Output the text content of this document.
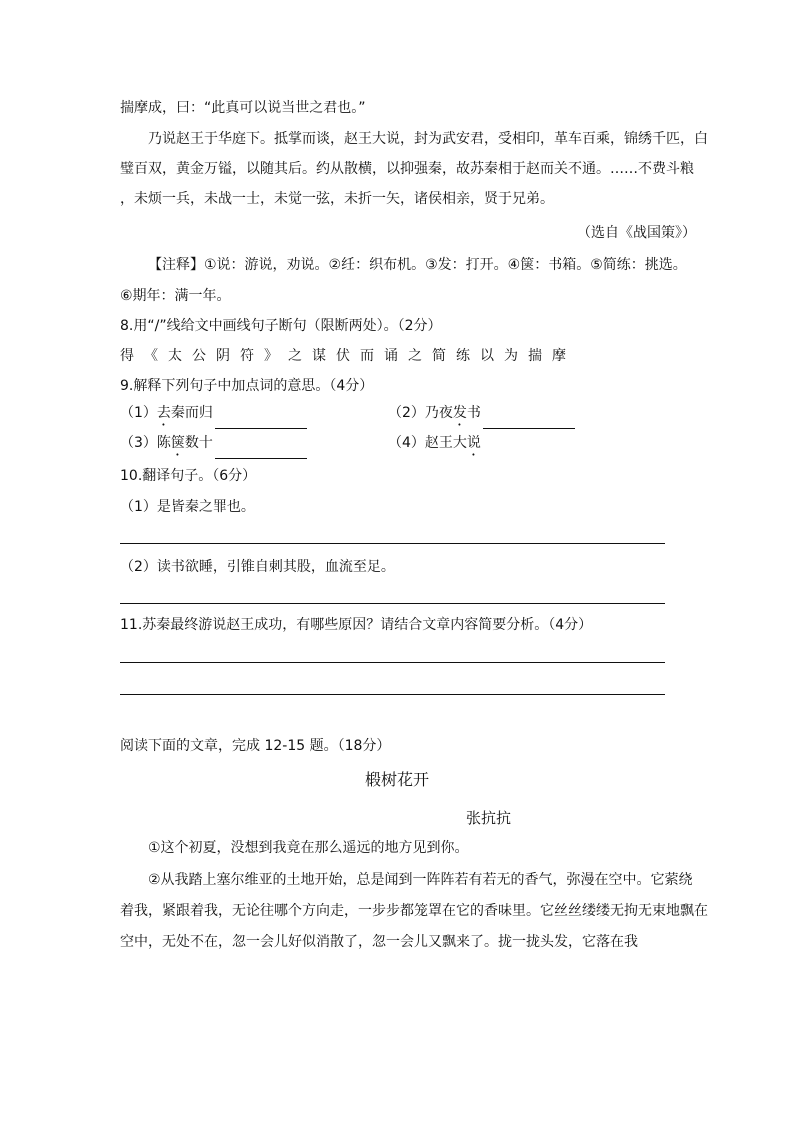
揣摩成，曰：“此真可以说当世之君也。”
乃说赵王于华庭下。抵掌而谈，赵王大说，封为武安君，受相印，革车百乘，锦绣千匹，白
璧百双，黄金万镒，以随其后。约从散横，以抑强秦，故苏秦相于赵而关不通。……不费斗粮
，未烦一兵，未战一士，未觉一弦，未折一矢，诸侯相亲，贤于兄弟。
（选自《战国策》）
【注释】①说：游说，劝说。②纴：织布机。③发：打开。④箧：书箱。⑤简练：挑选。
⑥期年：满一年。
8.用“/”线给文中画线句子断句（限断两处）。（2分）
得《太公阴符》之谋伏而诵之简练以为揣摩
9.解释下列句子中加点词的意思。（4分）
（1）去秦而归	（2）乃夜发书
（3）陈箧数十	（4）赵王大说
10.翻译句子。（6分）
（1）是皆秦之罪也。
（2）读书欲睡，引锥自刺其股，血流至足。
11.苏秦最终游说赵王成功，有哪些原因？请结合文章内容简要分析。（4分）
阅读下面的文章，完成 12-15 题。（18分）
椴树花开
张抗抗
①这个初夏，没想到我竟在那么遥远的地方见到你。
②从我踏上塞尔维亚的土地开始，总是闻到一阵阵若有若无的香气，弥漫在空中。它萦绕
着我，紧跟着我，无论往哪个方向走，一步步都笼罩在它的香味里。它丝丝缕缕无拘无束地飘在
空中，无处不在，忽一会儿好似消散了，忽一会儿又飘来了。拢一拢头发，它落在我
